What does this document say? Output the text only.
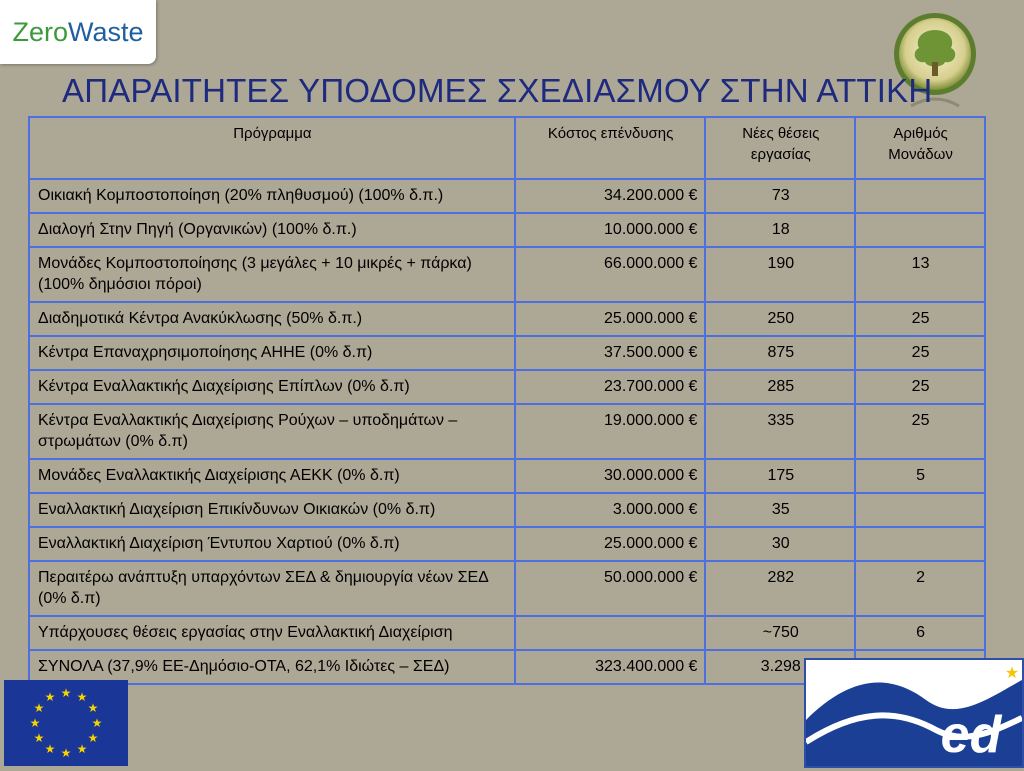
Zero Waste
ΑΠΑΡΑΙΤΗΤΕΣ ΥΠΟΔΟΜΕΣ ΣΧΕΔΙΑΣΜΟΥ ΣΤΗΝ ΑΤΤΙΚΗ
Πρόγραμμα	Κόστος επένδυσης	Νέες θέσεις εργασίας	Αριθμός Μονάδων
Οικιακή Κομποστοποίηση (20% πληθυσμού) (100% δ.π.)	34.200.000 €	73	
Διαλογή Στην Πηγή (Οργανικών) (100% δ.π.)	10.000.000 €	18	
Μονάδες Κομποστοποίησης (3 μεγάλες + 10 μικρές + πάρκα) (100% δημόσιοι πόροι)	66.000.000 €	190	13
Διαδημοτικά Κέντρα Ανακύκλωσης (50% δ.π.)	25.000.000 €	250	25
Κέντρα Επαναχρησιμοποίησης ΑΗΗΕ (0% δ.π)	37.500.000 €	875	25
Κέντρα Εναλλακτικής Διαχείρισης Επίπλων (0% δ.π)	23.700.000 €	285	25
Κέντρα Εναλλακτικής Διαχείρισης Ρούχων – υποδημάτων – στρωμάτων (0% δ.π)	19.000.000 €	335	25
Μονάδες Εναλλακτικής Διαχείρισης ΑΕΚΚ (0% δ.π)	30.000.000 €	175	5
Εναλλακτική Διαχείριση Επικίνδυνων Οικιακών (0% δ.π)	3.000.000 €	35	
Εναλλακτική Διαχείριση Έντυπου Χαρτιού (0% δ.π)	25.000.000 €	30	
Περαιτέρω ανάπτυξη υπαρχόντων ΣΕΔ & δημιουργία νέων ΣΕΔ (0% δ.π)	50.000.000 €	282	2
Υπάρχουσες θέσεις εργασίας στην Εναλλακτική Διαχείριση		~750	6
ΣΥΝΟΛΑ (37,9% ΕΕ-Δημόσιο-ΟΤΑ, 62,1% Ιδιώτες – ΣΕΔ)	323.400.000 €	3.298	
★ ★
★
★
★
★
★
★
★
★
★
★
★
ed
